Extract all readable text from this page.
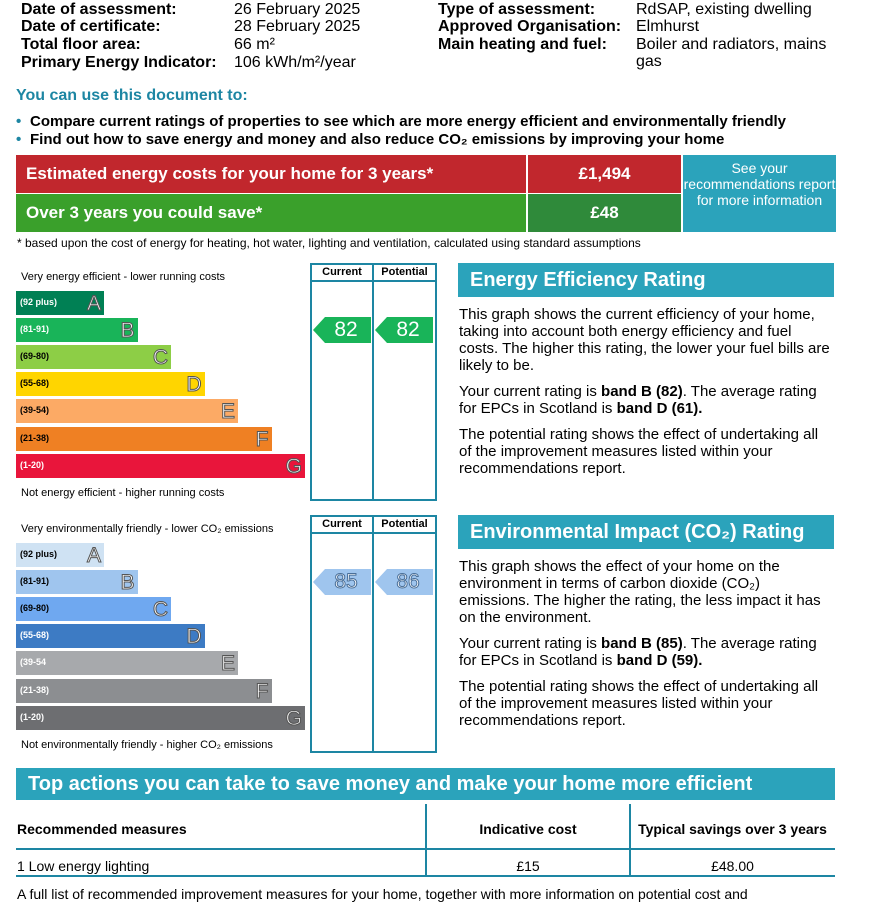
Date of assessment:	26 February 2025
Date of certificate:	28 February 2025
Total floor area:	66 m²
Primary Energy Indicator: 106 kWh/m²/year
Type of assessment:	RdSAP, existing dwelling
Approved Organisation: Elmhurst
Main heating and fuel: Boiler and radiators, mains gas
You can use this document to:
• Compare current ratings of properties to see which are more energy efficient and environmentally friendly
• Find out how to save energy and money and also reduce CO₂ emissions by improving your home
Estimated energy costs for your home for 3 years*	£1,494
Over 3 years you could save*	£48
See your recommendations report for more information
* based upon the cost of energy for heating, hot water, lighting and ventilation, calculated using standard assumptions
Current	Potential
Very energy efficient - lower running costs
Not energy efficient - higher running costs
(92 plus) A
(81-91)	B
(69-80)	C
(55-68)	D
(39-54)	E
(21-38)	F
(1-20)	G
82	82
Current	Potential
Very environmentally friendly - lower CO₂ emissions
Not environmentally friendly - higher CO₂ emissions
(92 plus) A
(81-91)	B
(69-80)	C
(55-68)	D
(39-54	E
(21-38)	F
(1-20)	G
85	86
Energy Efficiency Rating

This graph shows the current efficiency of your home, taking into account both energy efficiency and fuel costs. The higher this rating, the lower your fuel bills are likely to be.

Your current rating is band B (82). The average rating for EPCs in Scotland is band D (61).

The potential rating shows the effect of undertaking all of the improvement measures listed within your recommendations report.

Environmental Impact (CO₂) Rating

This graph shows the effect of your home on the environment in terms of carbon dioxide (CO₂) emissions. The higher the rating, the less impact it has on the environment.

Your current rating is band B (85). The average rating for EPCs in Scotland is band D (59).

The potential rating shows the effect of undertaking all of the improvement measures listed within your recommendations report.

Top actions you can take to save money and make your home more efficient
Recommended measures	Indicative cost	Typical savings over 3 years
1 Low energy lighting	£15	£48.00
A full list of recommended improvement measures for your home, together with more information on potential cost and
